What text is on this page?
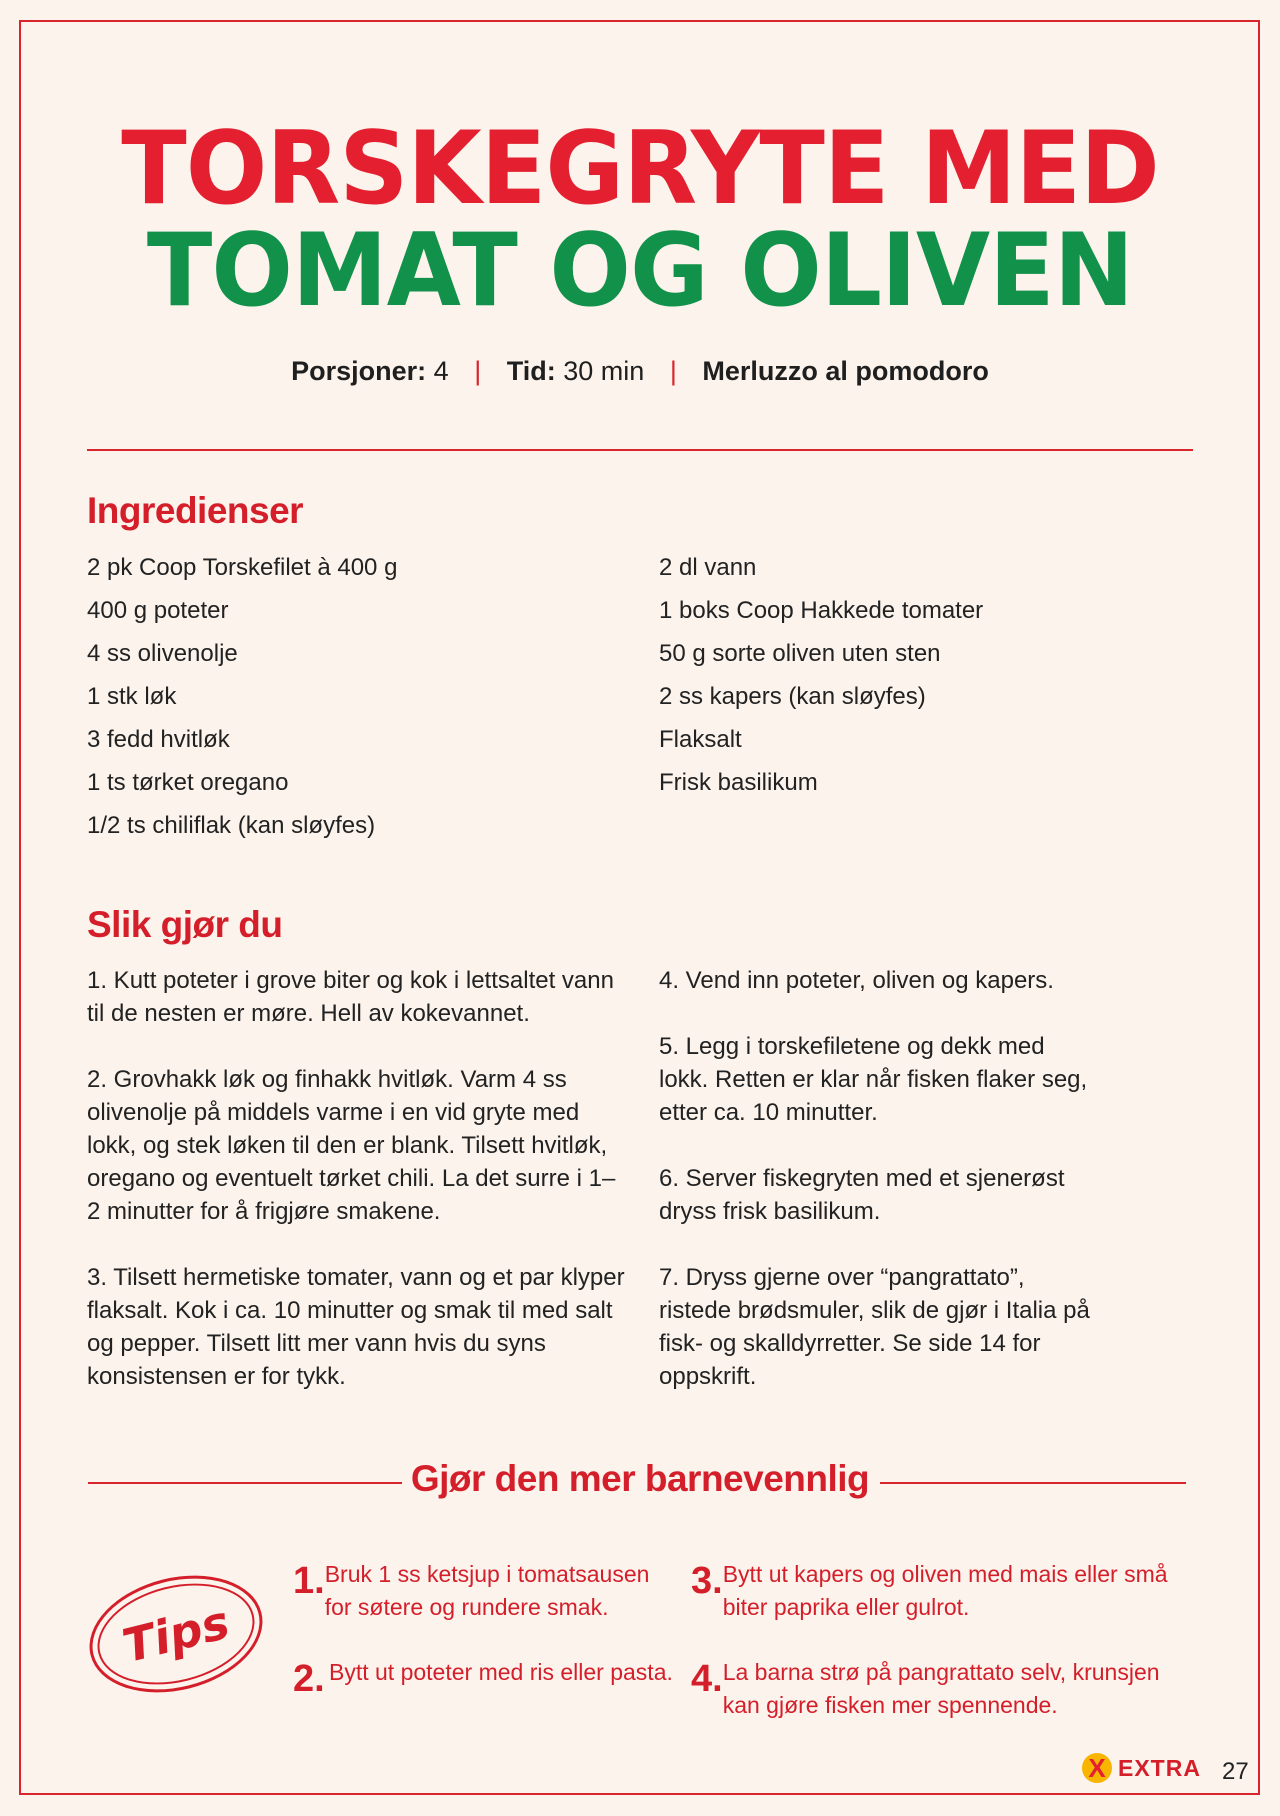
TORSKEGRYTE MED
TOMAT OG OLIVEN
Porsjoner: 4 | Tid: 30 min | Merluzzo al pomodoro
Ingredienser
2 pk Coop Torskefilet à 400 g
400 g poteter
4 ss olivenolje
1 stk løk
3 fedd hvitløk
1 ts tørket oregano
1/2 ts chiliflak (kan sløyfes)
2 dl vann
1 boks Coop Hakkede tomater
50 g sorte oliven uten sten
2 ss kapers (kan sløyfes)
Flaksalt
Frisk basilikum
Slik gjør du
1. Kutt poteter i grove biter og kok i lettsaltet vann til de nesten er møre. Hell av kokevannet.
2. Grovhakk løk og finhakk hvitløk. Varm 4 ss olivenolje på middels varme i en vid gryte med lokk, og stek løken til den er blank. Tilsett hvitløk, oregano og eventuelt tørket chili. La det surre i 1–2 minutter for å frigjøre smakene.
3. Tilsett hermetiske tomater, vann og et par klyper flaksalt. Kok i ca. 10 minutter og smak til med salt og pepper. Tilsett litt mer vann hvis du syns konsistensen er for tykk.
4. Vend inn poteter, oliven og kapers.
5. Legg i torskefiletene og dekk med lokk. Retten er klar når fisken flaker seg, etter ca. 10 minutter.
6. Server fiskegryten med et sjenerøst dryss frisk basilikum.
7. Dryss gjerne over “pangrattato”, ristede brødsmuler, slik de gjør i Italia på fisk- og skalldyrretter. Se side 14 for oppskrift.
Gjør den mer barnevennlig
Tips
1. Bruk 1 ss ketsjup i tomatsausen for søtere og rundere smak.
2. Bytt ut poteter med ris eller pasta.
3. Bytt ut kapers og oliven med mais eller små biter paprika eller gulrot.
4. La barna strø på pangrattato selv, krunsjen kan gjøre fisken mer spennende.
X EXTRA 27
